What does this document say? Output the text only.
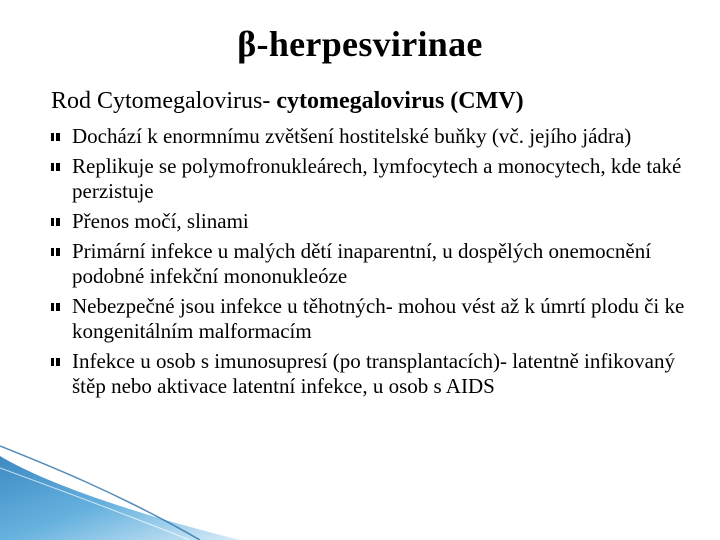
β-herpesvirinae
Rod Cytomegalovirus- cytomegalovirus (CMV)
Dochází k enormnímu zvětšení hostitelské buňky (vč. jejího jádra)
Replikuje se polymofronukleárech, lymfocytech a monocytech, kde také perzistuje
Přenos močí, slinami
Primární infekce u malých dětí inaparentní, u dospělých onemocnění podobné infekční mononukleóze
Nebezpečné jsou infekce u těhotných- mohou vést až k úmrtí plodu či ke kongenitálním malformacím
Infekce u osob s imunosupresí (po transplantacích)- latentně infikovaný štěp nebo aktivace latentní infekce, u osob s AIDS
